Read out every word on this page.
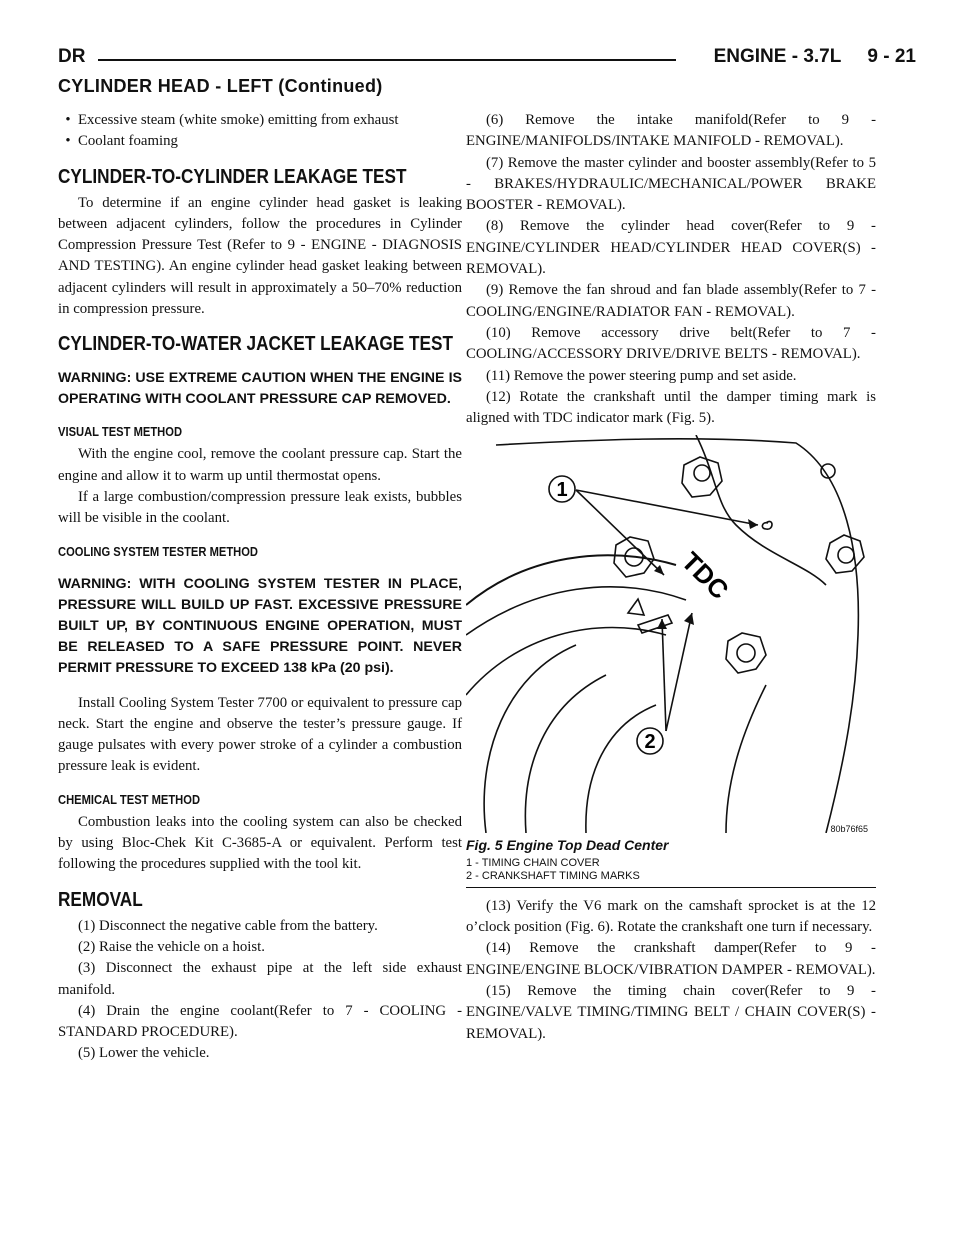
DR	ENGINE - 3.7L     9 - 21
CYLINDER HEAD - LEFT (Continued)

• Excessive steam (white smoke) emitting from exhaust

• Coolant foaming

CYLINDER-TO-CYLINDER LEAKAGE TEST

To determine if an engine cylinder head gasket is leaking between adjacent cylinders, follow the procedures in Cylinder Compression Pressure Test (Refer to 9 - ENGINE - DIAGNOSIS AND TESTING). An engine cylinder head gasket leaking between adjacent cylinders will result in approximately a 50–70% reduction in compression pressure.

CYLINDER-TO-WATER JACKET LEAKAGE TEST
WARNING: USE EXTREME CAUTION WHEN THE ENGINE IS OPERATING WITH COOLANT PRESSURE CAP REMOVED.
VISUAL TEST METHOD

With the engine cool, remove the coolant pressure cap. Start the engine and allow it to warm up until thermostat opens.

If a large combustion/compression pressure leak exists, bubbles will be visible in the coolant.

COOLING SYSTEM TESTER METHOD
WARNING: WITH COOLING SYSTEM TESTER IN PLACE, PRESSURE WILL BUILD UP FAST. EXCESSIVE PRESSURE BUILT UP, BY CONTINUOUS ENGINE OPERATION, MUST BE RELEASED TO A SAFE PRESSURE POINT. NEVER PERMIT PRESSURE TO EXCEED 138 kPa (20 psi).

Install Cooling System Tester 7700 or equivalent to pressure cap neck. Start the engine and observe the tester’s pressure gauge. If gauge pulsates with every power stroke of a cylinder a combustion pressure leak is evident.

CHEMICAL TEST METHOD

Combustion leaks into the cooling system can also be checked by using Bloc-Chek Kit C-3685-A or equivalent. Perform test following the procedures supplied with the tool kit.

REMOVAL

(1) Disconnect the negative cable from the battery.

(2) Raise the vehicle on a hoist.

(3) Disconnect the exhaust pipe at the left side exhaust manifold.

(4) Drain the engine coolant(Refer to 7 - COOLING - STANDARD PROCEDURE).

(5) Lower the vehicle.

(6) Remove the intake manifold(Refer to 9 - ENGINE/MANIFOLDS/INTAKE MANIFOLD - REMOVAL).

(7) Remove the master cylinder and booster assembly(Refer to 5 - BRAKES/HYDRAULIC/MECHANICAL/POWER BRAKE BOOSTER - REMOVAL).

(8) Remove the cylinder head cover(Refer to 9 - ENGINE/CYLINDER HEAD/CYLINDER HEAD COVER(S) - REMOVAL).

(9) Remove the fan shroud and fan blade assembly(Refer to 7 - COOLING/ENGINE/RADIATOR FAN - REMOVAL).

(10) Remove accessory drive belt(Refer to 7 - COOLING/ACCESSORY DRIVE/DRIVE BELTS - REMOVAL).

(11) Remove the power steering pump and set aside.

(12) Rotate the crankshaft until the damper timing mark is aligned with TDC indicator mark (Fig. 5).

1
2
TDC
80b76f65
Fig. 5 Engine Top Dead Center
1 - TIMING CHAIN COVER
2 - CRANKSHAFT TIMING MARKS

(13) Verify the V6 mark on the camshaft sprocket is at the 12 o’clock position (Fig. 6). Rotate the crankshaft one turn if necessary.

(14) Remove the crankshaft damper(Refer to 9 - ENGINE/ENGINE BLOCK/VIBRATION DAMPER - REMOVAL).

(15) Remove the timing chain cover(Refer to 9 - ENGINE/VALVE TIMING/TIMING BELT / CHAIN COVER(S) - REMOVAL).
